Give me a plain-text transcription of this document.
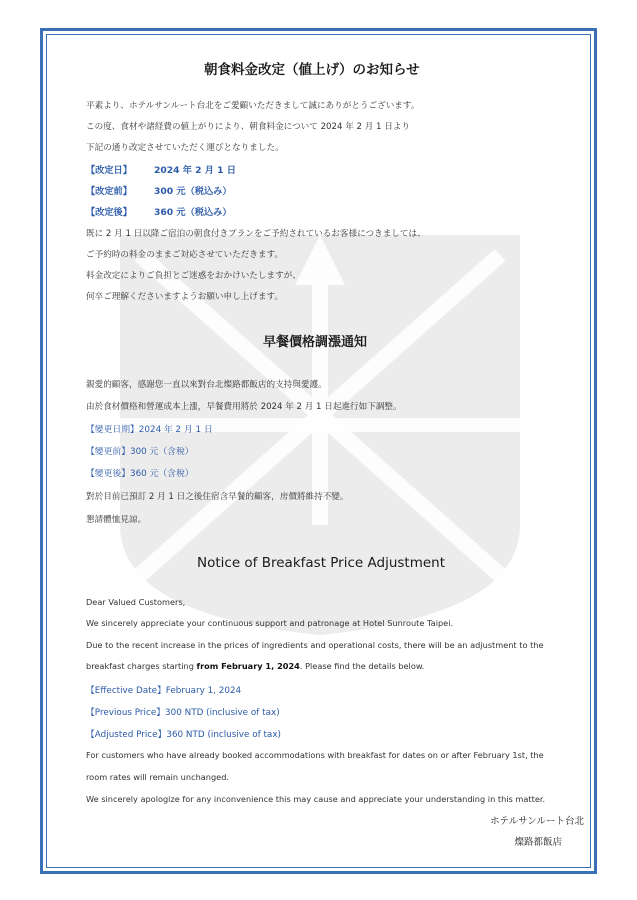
朝食料金改定（値上げ）のお知らせ
平素より、ホテルサンルート台北をご愛顧いただきまして誠にありがとうございます。
この度、食材や諸経費の値上がりにより、朝食料金について 2024 年 2 月 1 日より
下記の通り改定させていただく運びとなりました。
【改定日】 2024 年 2 月 1 日
【改定前】 300 元（税込み）
【改定後】 360 元（税込み）
既に 2 月 1 日以降ご宿泊の朝食付きプランをご予約されているお客様につきましては、
ご予約時の料金のままご対応させていただきます。
料金改定によりご負担とご迷惑をおかけいたしますが、
何卒ご理解くださいますようお願い申し上げます。
早餐價格調漲通知
親愛的顧客，感謝您一直以來對台北燦路都飯店的支持與愛護。
由於食材價格和營運成本上漲，早餐費用將於 2024 年 2 月 1 日起進行如下調整。
【變更日期】2024 年 2 月 1 日
【變更前】300 元（含稅）
【變更後】360 元（含稅）
對於目前已預訂 2 月 1 日之後住宿含早餐的顧客，房價將維持不變。
懇請體恤見諒。
Notice of Breakfast Price Adjustment
Dear Valued Customers,
We sincerely appreciate your continuous support and patronage at Hotel Sunroute Taipei.
Due to the recent increase in the prices of ingredients and operational costs, there will be an adjustment to the
breakfast charges starting from February 1, 2024. Please find the details below.
【Effective Date】February 1, 2024
【Previous Price】300 NTD (inclusive of tax)
【Adjusted Price】360 NTD (inclusive of tax)
For customers who have already booked accommodations with breakfast for dates on or after February 1st, the
room rates will remain unchanged.
We sincerely apologize for any inconvenience this may cause and appreciate your understanding in this matter.
ホテルサンルート台北
燦路都飯店
